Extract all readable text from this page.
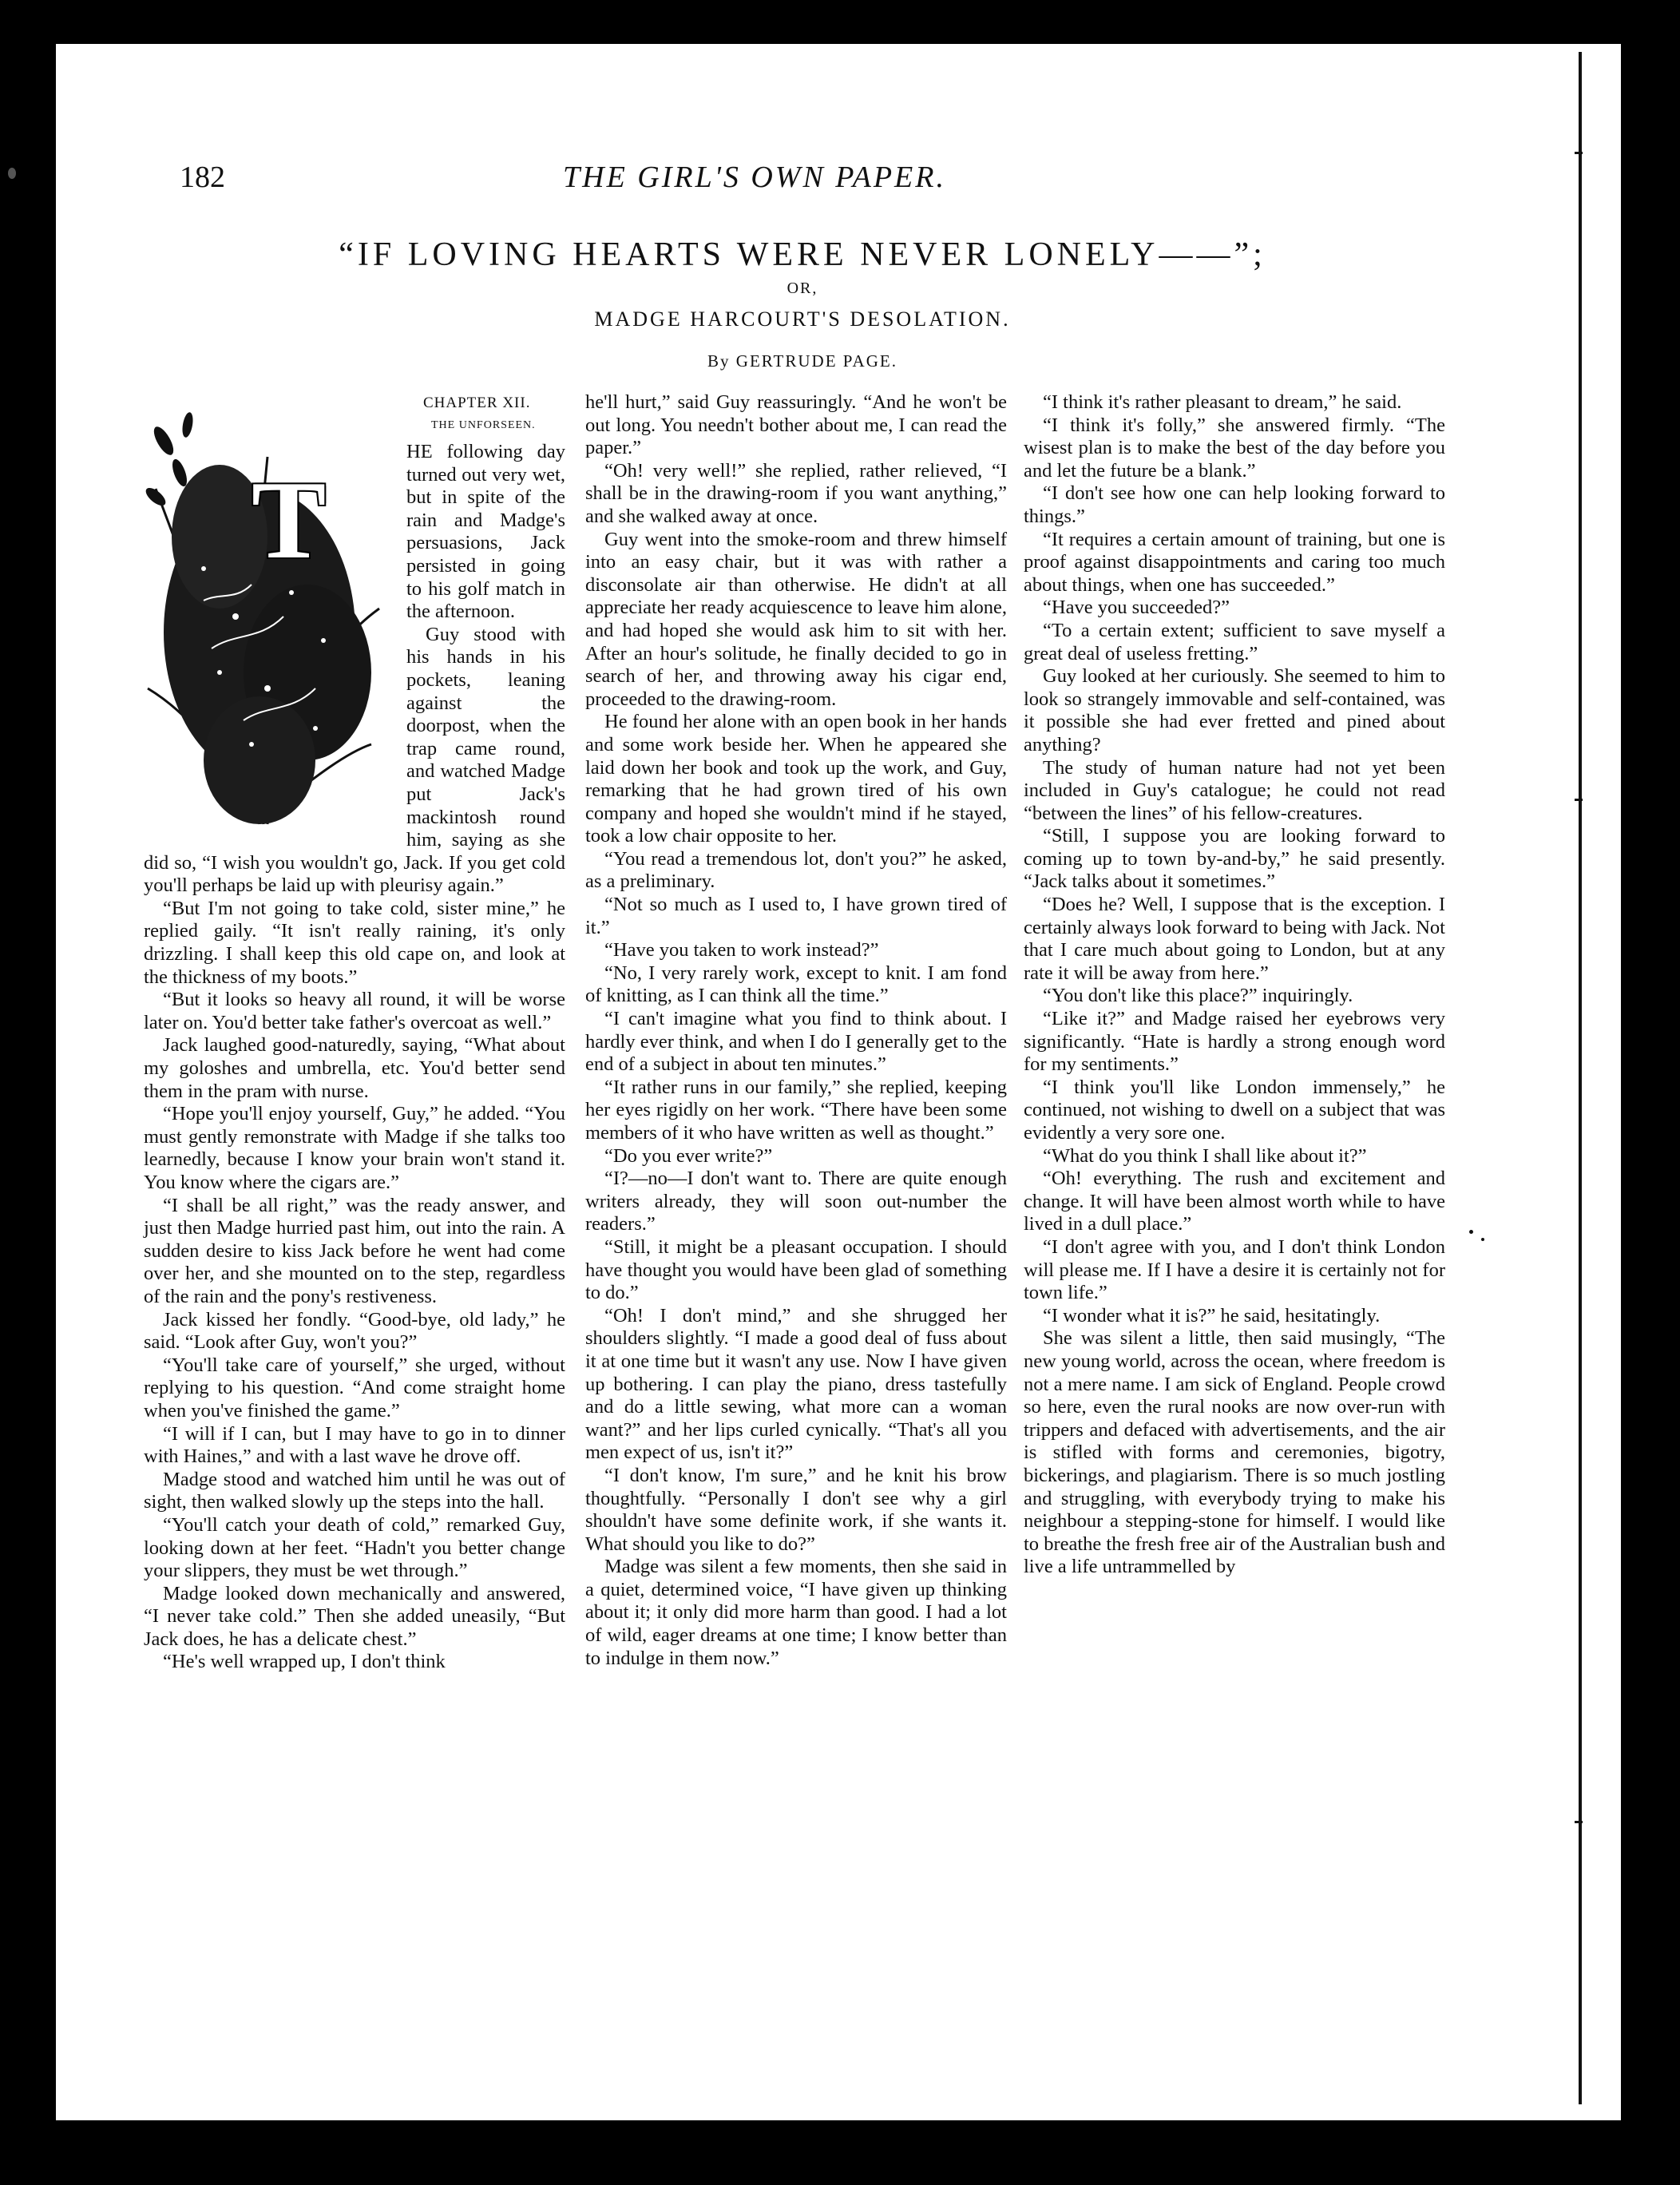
182	THE GIRL'S OWN PAPER.
“IF LOVING HEARTS WERE NEVER LONELY——”;
OR,
MADGE HARCOURT'S DESOLATION.
By GERTRUDE PAGE.
CHAPTER XII.
THE UNFORSEEN.
T

HE following day turned out very wet, but in spite of the rain and Madge's persuasions, Jack persisted in going to his golf match in the afternoon.

Guy stood with his hands in his pockets, leaning against the doorpost, when the trap came round, and watched Madge put Jack's mackintosh round him, saying as she did so, “I wish you wouldn't go, Jack. If you get cold you'll perhaps be laid up with pleurisy again.”

“But I'm not going to take cold, sister mine,” he replied gaily. “It isn't really raining, it's only drizzling. I shall keep this old cape on, and look at the thickness of my boots.”

“But it looks so heavy all round, it will be worse later on. You'd better take father's overcoat as well.”

Jack laughed good-naturedly, saying, “What about my goloshes and umbrella, etc. You'd better send them in the pram with nurse.

“Hope you'll enjoy yourself, Guy,” he added. “You must gently remonstrate with Madge if she talks too learnedly, because I know your brain won't stand it. You know where the cigars are.”

“I shall be all right,” was the ready answer, and just then Madge hurried past him, out into the rain. A sudden desire to kiss Jack before he went had come over her, and she mounted on to the step, regardless of the rain and the pony's restiveness.

Jack kissed her fondly. “Good-bye, old lady,” he said. “Look after Guy, won't you?”

“You'll take care of yourself,” she urged, without replying to his question. “And come straight home when you've finished the game.”

“I will if I can, but I may have to go in to dinner with Haines,” and with a last wave he drove off.

Madge stood and watched him until he was out of sight, then walked slowly up the steps into the hall.

“You'll catch your death of cold,” remarked Guy, looking down at her feet. “Hadn't you better change your slippers, they must be wet through.”

Madge looked down mechanically and answered, “I never take cold.” Then she added uneasily, “But Jack does, he has a delicate chest.”

“He's well wrapped up, I don't think

he'll hurt,” said Guy reassuringly. “And he won't be out long. You needn't bother about me, I can read the paper.”

“Oh! very well!” she replied, rather relieved, “I shall be in the drawing-room if you want anything,” and she walked away at once.

Guy went into the smoke-room and threw himself into an easy chair, but it was with rather a disconsolate air than otherwise. He didn't at all appreciate her ready acquiescence to leave him alone, and had hoped she would ask him to sit with her. After an hour's solitude, he finally decided to go in search of her, and throwing away his cigar end, proceeded to the drawing-room.

He found her alone with an open book in her hands and some work beside her. When he appeared she laid down her book and took up the work, and Guy, remarking that he had grown tired of his own company and hoped she wouldn't mind if he stayed, took a low chair opposite to her.

“You read a tremendous lot, don't you?” he asked, as a preliminary.

“Not so much as I used to, I have grown tired of it.”

“Have you taken to work instead?”

“No, I very rarely work, except to knit. I am fond of knitting, as I can think all the time.”

“I can't imagine what you find to think about. I hardly ever think, and when I do I generally get to the end of a subject in about ten minutes.”

“It rather runs in our family,” she replied, keeping her eyes rigidly on her work. “There have been some members of it who have written as well as thought.”

“Do you ever write?”

“I?—no—I don't want to. There are quite enough writers already, they will soon out-number the readers.”

“Still, it might be a pleasant occupation. I should have thought you would have been glad of something to do.”

“Oh! I don't mind,” and she shrugged her shoulders slightly. “I made a good deal of fuss about it at one time but it wasn't any use. Now I have given up bothering. I can play the piano, dress tastefully and do a little sewing, what more can a woman want?” and her lips curled cynically. “That's all you men expect of us, isn't it?”

“I don't know, I'm sure,” and he knit his brow thoughtfully. “Personally I don't see why a girl shouldn't have some definite work, if she wants it. What should you like to do?”

Madge was silent a few moments, then she said in a quiet, determined voice, “I have given up thinking about it; it only did more harm than good. I had a lot of wild, eager dreams at one time; I know better than to indulge in them now.”

“I think it's rather pleasant to dream,” he said.

“I think it's folly,” she answered firmly. “The wisest plan is to make the best of the day before you and let the future be a blank.”

“I don't see how one can help looking forward to things.”

“It requires a certain amount of training, but one is proof against disappointments and caring too much about things, when one has succeeded.”

“Have you succeeded?”

“To a certain extent; sufficient to save myself a great deal of useless fretting.”

Guy looked at her curiously. She seemed to him to look so strangely immovable and self-contained, was it possible she had ever fretted and pined about anything?

The study of human nature had not yet been included in Guy's catalogue; he could not read “between the lines” of his fellow-creatures.

“Still, I suppose you are looking forward to coming up to town by-and-by,” he said presently. “Jack talks about it sometimes.”

“Does he? Well, I suppose that is the exception. I certainly always look forward to being with Jack. Not that I care much about going to London, but at any rate it will be away from here.”

“You don't like this place?” inquiringly.

“Like it?” and Madge raised her eyebrows very significantly. “Hate is hardly a strong enough word for my sentiments.”

“I think you'll like London immensely,” he continued, not wishing to dwell on a subject that was evidently a very sore one.

“What do you think I shall like about it?”

“Oh! everything. The rush and excitement and change. It will have been almost worth while to have lived in a dull place.”

“I don't agree with you, and I don't think London will please me. If I have a desire it is certainly not for town life.”

“I wonder what it is?” he said, hesitatingly.

She was silent a little, then said musingly, “The new young world, across the ocean, where freedom is not a mere name. I am sick of England. People crowd so here, even the rural nooks are now over-run with trippers and defaced with advertisements, and the air is stifled with forms and ceremonies, bigotry, bickerings, and plagiarism. There is so much jostling and struggling, with everybody trying to make his neighbour a stepping-stone for himself. I would like to breathe the fresh free air of the Australian bush and live a life untrammelled by
